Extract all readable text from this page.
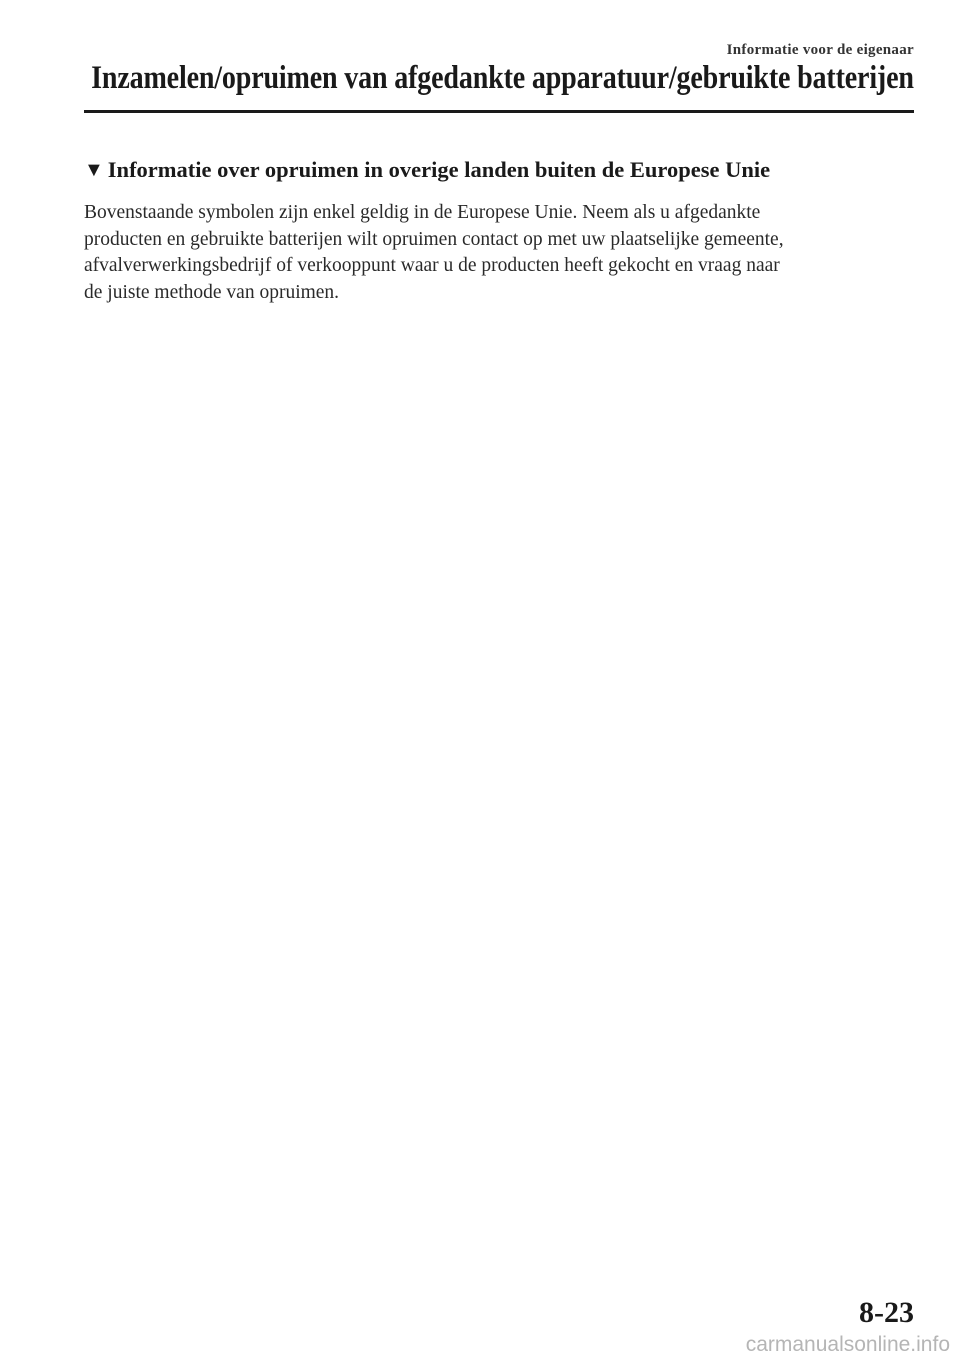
Informatie voor de eigenaar
Inzamelen/opruimen van afgedankte apparatuur/gebruikte batterijen
▼ Informatie over opruimen in overige landen buiten de Europese Unie
Bovenstaande symbolen zijn enkel geldig in de Europese Unie. Neem als u afgedankte
producten en gebruikte batterijen wilt opruimen contact op met uw plaatselijke gemeente,
afvalverwerkingsbedrijf of verkooppunt waar u de producten heeft gekocht en vraag naar
de juiste methode van opruimen.
8-23
carmanualsonline.info
